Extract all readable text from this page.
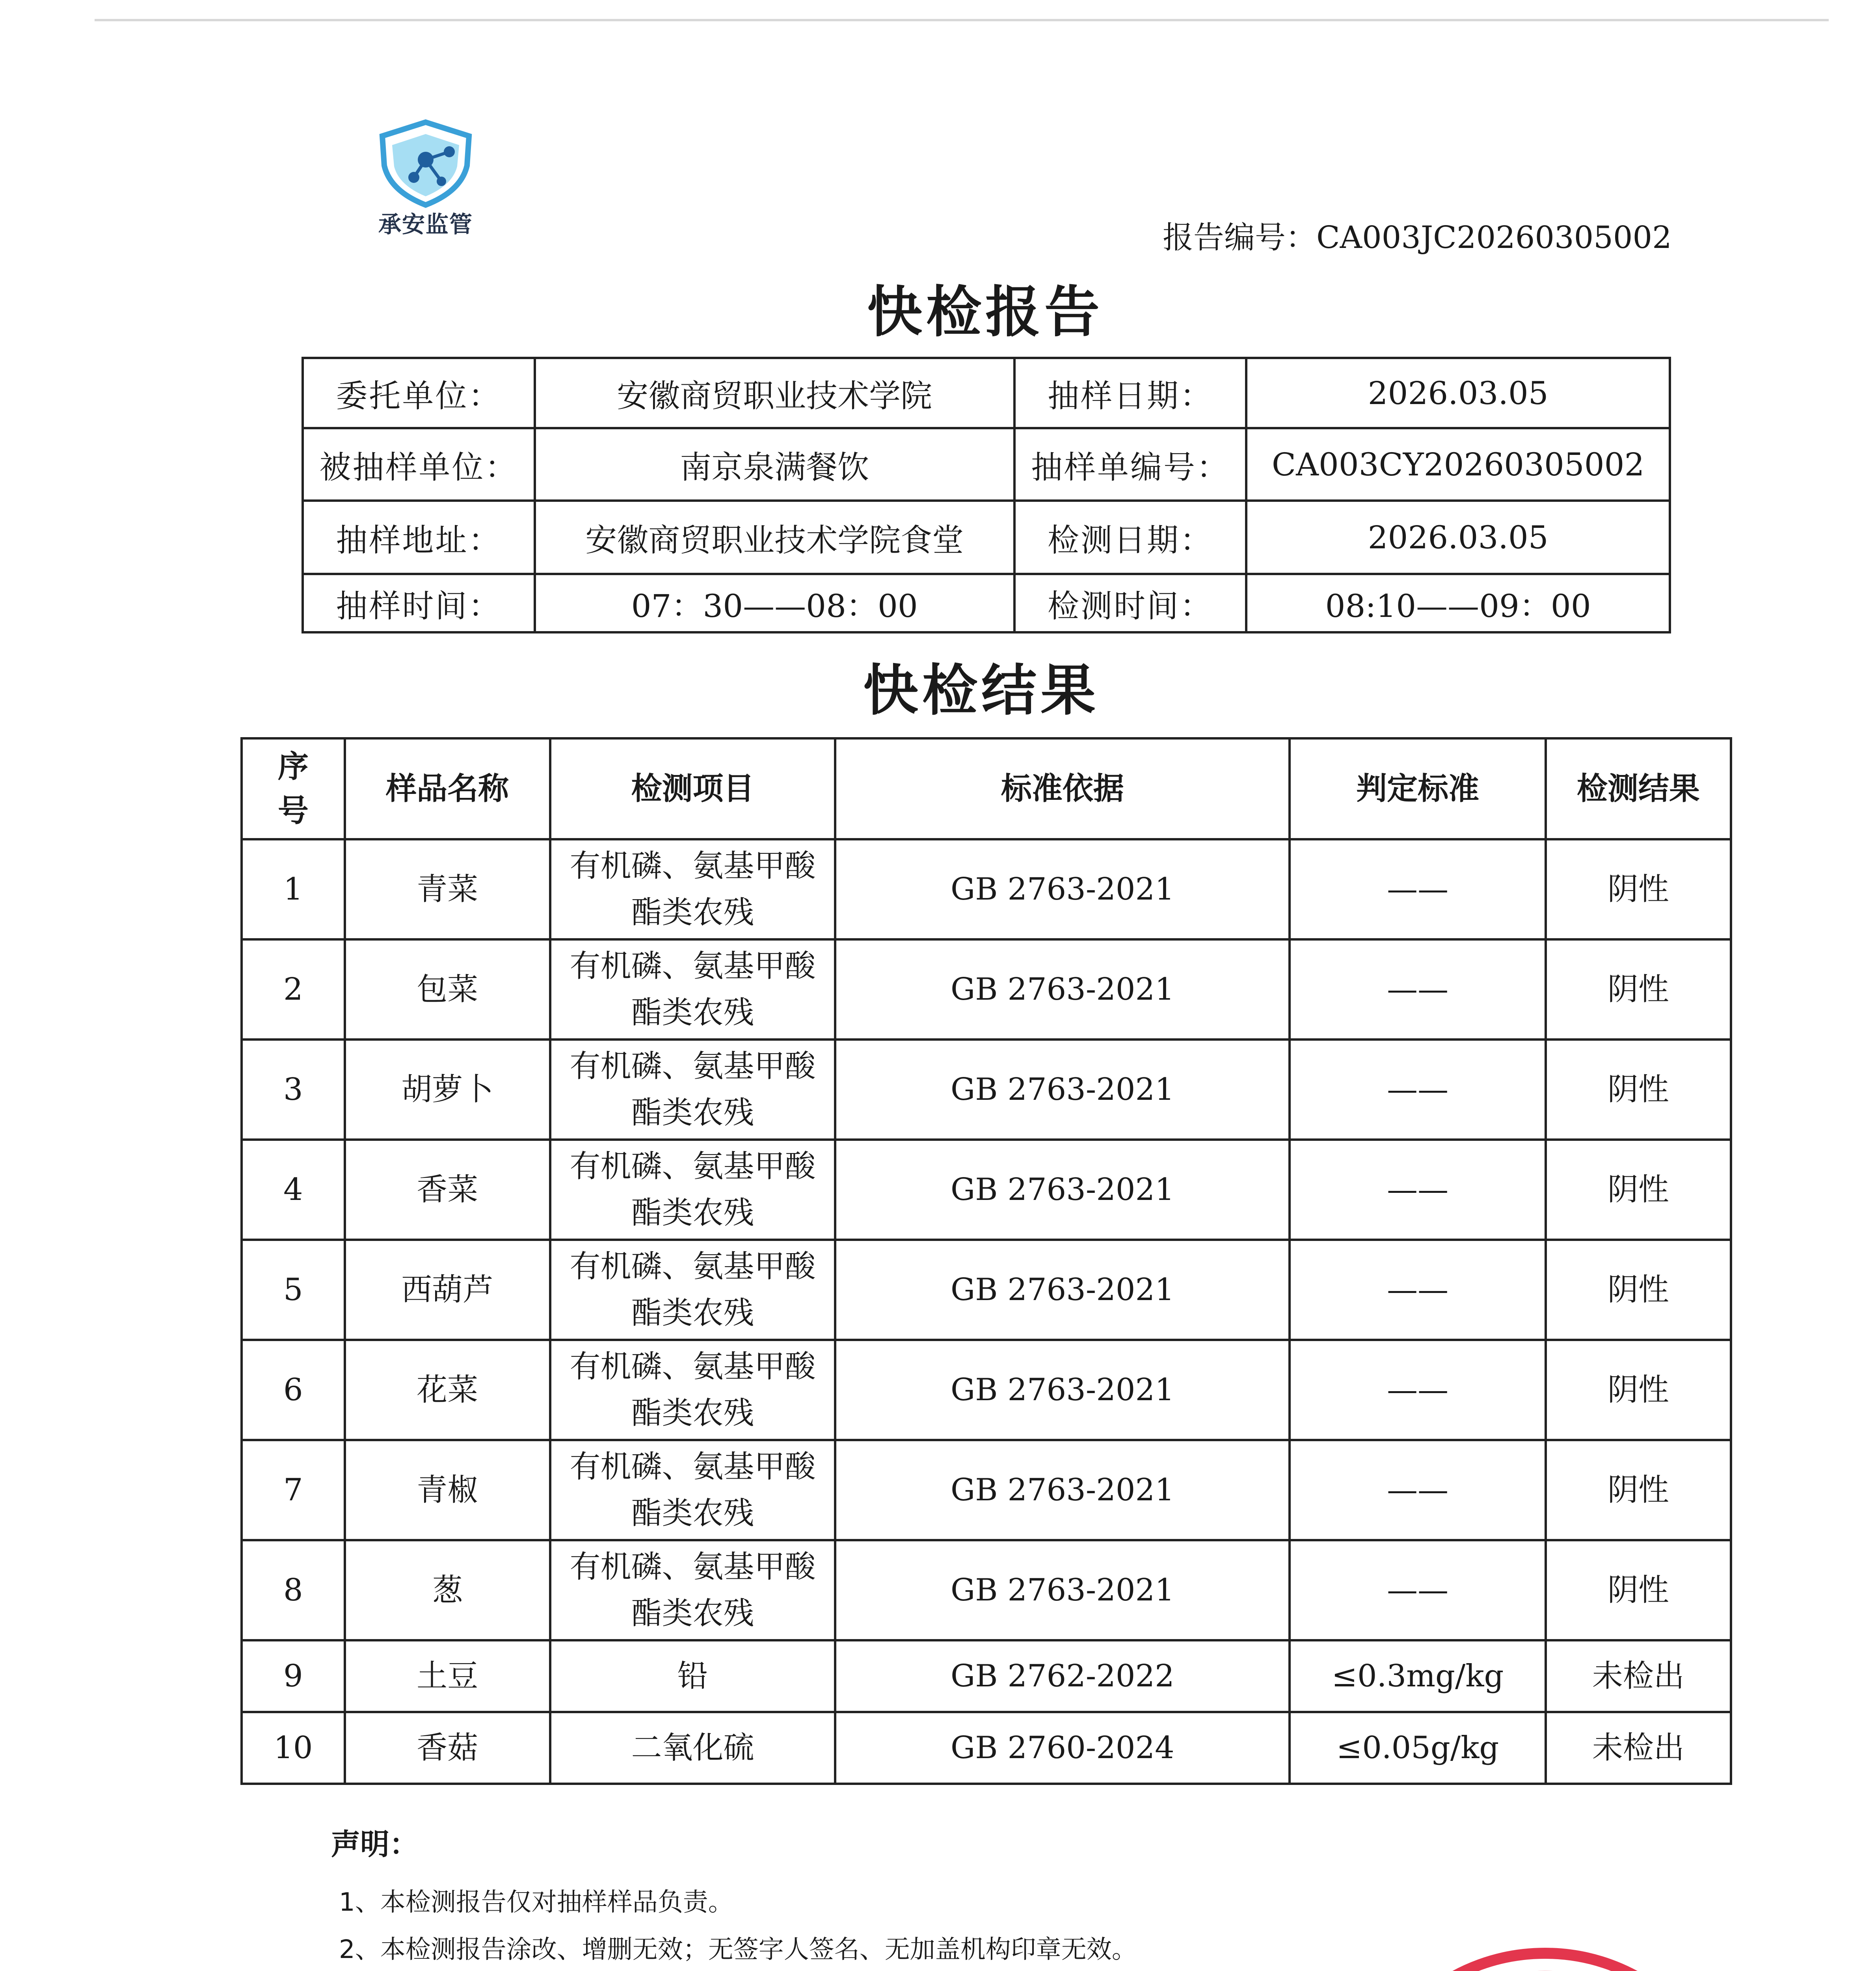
承安监管	报告编号：CA003JC20260305002
快检报告
委托单位：	安徽商贸职业技术学院	抽样日期：	2026.03.05
被抽样单位：	南京泉满餐饮	抽样单编号：	CA003CY20260305002
抽样地址：	安徽商贸职业技术学院食堂	检测日期：	2026.03.05
抽样时间：	07：30——08：00	检测时间：	08:10——09：00
快检结果
序
号	样品名称	检测项目	标准依据	判定标准	检测结果
1	青菜	有机磷、氨基甲酸
酯类农残	GB 2763-2021	——	阴性
2	包菜	有机磷、氨基甲酸
酯类农残	GB 2763-2021	——	阴性
3	胡萝卜	有机磷、氨基甲酸
酯类农残	GB 2763-2021	——	阴性
4	香菜	有机磷、氨基甲酸
酯类农残	GB 2763-2021	——	阴性
5	西葫芦	有机磷、氨基甲酸
酯类农残	GB 2763-2021	——	阴性
6	花菜	有机磷、氨基甲酸
酯类农残	GB 2763-2021	——	阴性
7	青椒	有机磷、氨基甲酸
酯类农残	GB 2763-2021	——	阴性
8	葱	有机磷、氨基甲酸
酯类农残	GB 2763-2021	——	阴性
9	土豆	铅	GB 2762-2022	≤0.3mg/kg	未检出
10	香菇	二氧化硫	GB 2760-2024	≤0.05g/kg	未检出
声明：

1、本检测报告仅对抽样样品负责。

2、本检测报告涂改、增删无效；无签字人签名、无加盖机构印章无效。
